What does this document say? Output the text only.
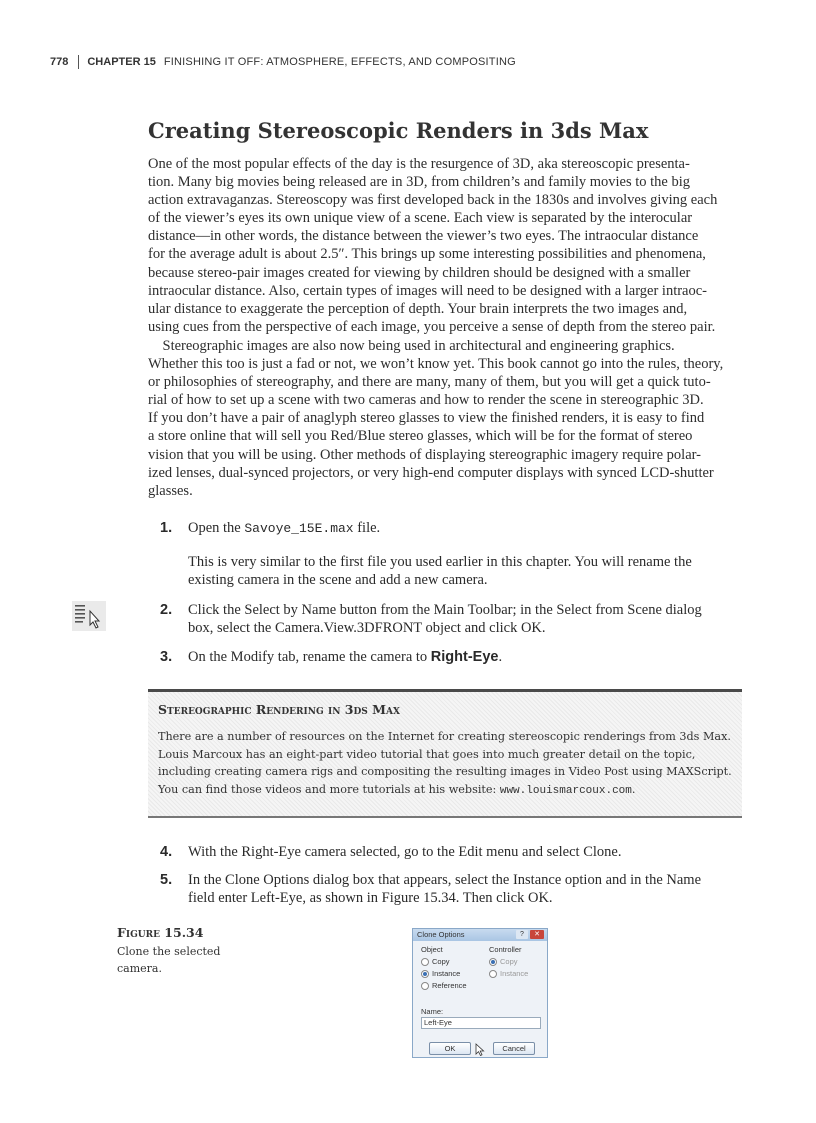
778 CHAPTER 15 FINISHING IT OFF: ATMOSPHERE, EFFECTS, AND COMPOSITING
Creating Stereoscopic Renders in 3ds Max
One of the most popular effects of the day is the resurgence of 3D, aka stereoscopic presenta-
tion. Many big movies being released are in 3D, from children’s and family movies to the big
action extravaganzas. Stereoscopy was first developed back in the 1830s and involves giving each
of the viewer’s eyes its own unique view of a scene. Each view is separated by the interocular
distance—in other words, the distance between the viewer’s two eyes. The intraocular distance
for the average adult is about 2.5″. This brings up some interesting possibilities and phenomena,
because stereo-pair images created for viewing by children should be designed with a smaller
intraocular distance. Also, certain types of images will need to be designed with a larger intraoc-
ular distance to exaggerate the perception of depth. Your brain interprets the two images and,
using cues from the perspective of each image, you perceive a sense of depth from the stereo pair.
Stereographic images are also now being used in architectural and engineering graphics.
Whether this too is just a fad or not, we won’t know yet. This book cannot go into the rules, theory,
or philosophies of stereography, and there are many, many of them, but you will get a quick tuto-
rial of how to set up a scene with two cameras and how to render the scene in stereographic 3D.
If you don’t have a pair of anaglyph stereo glasses to view the finished renders, it is easy to find
a store online that will sell you Red/Blue stereo glasses, which will be for the format of stereo
vision that you will be using. Other methods of displaying stereographic imagery require polar-
ized lenses, dual-synced projectors, or very high-end computer displays with synced LCD-shutter
glasses.
1. Open the Savoye_15E.max file.
This is very similar to the first file you used earlier in this chapter. You will rename the
existing camera in the scene and add a new camera.
2. Click the Select by Name button from the Main Toolbar; in the Select from Scene dialog
box, select the Camera.View.3DFRONT object and click OK.
3. On the Modify tab, rename the camera to Right-Eye.
Stereographic Rendering in 3ds Max
There are a number of resources on the Internet for creating stereoscopic renderings from 3ds Max.
Louis Marcoux has an eight-part video tutorial that goes into much greater detail on the topic,
including creating camera rigs and compositing the resulting images in Video Post using MAXScript.
You can find those videos and more tutorials at his website: www.louismarcoux.com.
4. With the Right-Eye camera selected, go to the Edit menu and select Clone.
5. In the Clone Options dialog box that appears, select the Instance option and in the Name
field enter Left-Eye, as shown in Figure 15.34. Then click OK.
Figure 15.34
Clone the selected
camera.
Clone Options	?	✕
Object
Copy
Instance
Reference
Controller
Copy
Instance
Name:
Left-Eye
OK	Cancel
